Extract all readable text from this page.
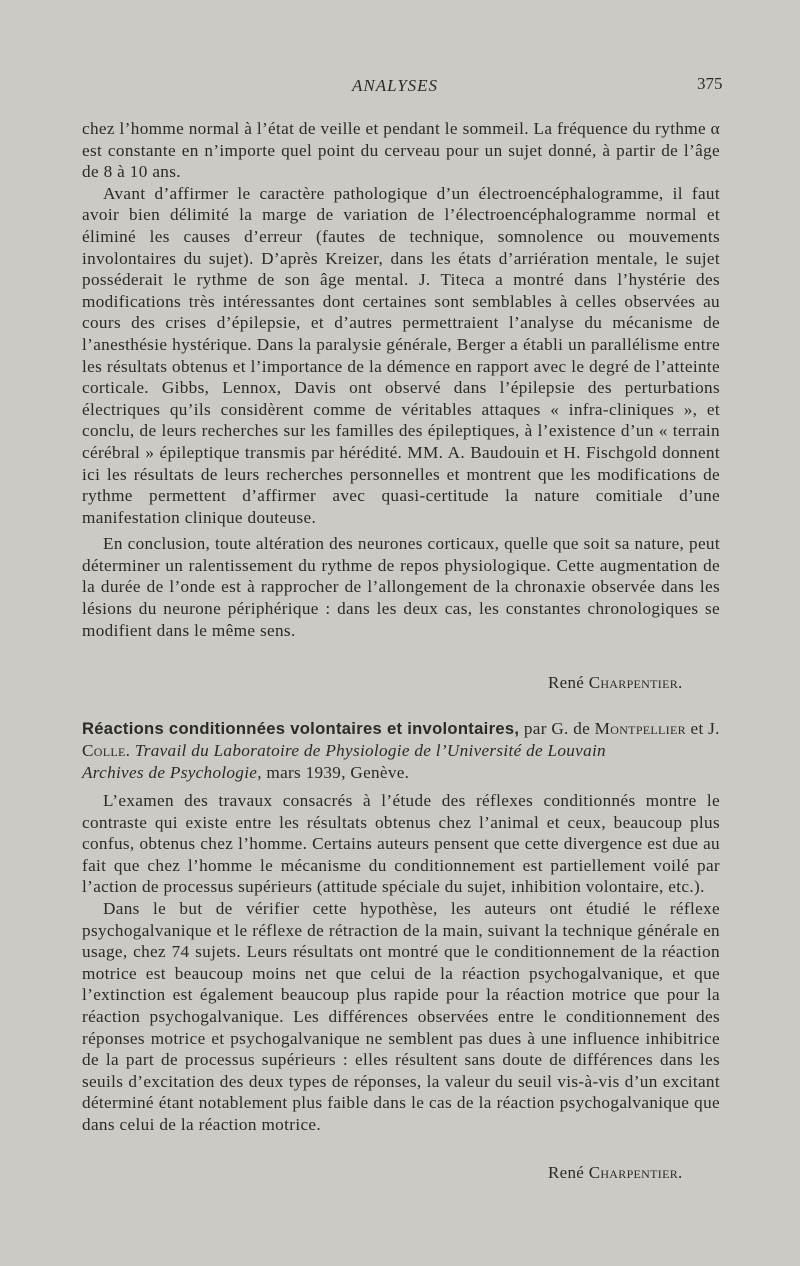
ANALYSES	375

chez l’homme normal à l’état de veille et pendant le sommeil. La fréquence du rythme α est constante en n’importe quel point du cerveau pour un sujet donné, à partir de l’âge de 8 à 10 ans.

Avant d’affirmer le caractère pathologique d’un électroencéphalogramme, il faut avoir bien délimité la marge de variation de l’électroencéphalogramme normal et éliminé les causes d’erreur (fautes de technique, somnolence ou mouvements involontaires du sujet). D’après Kreizer, dans les états d’arriération mentale, le sujet posséderait le rythme de son âge mental. J. Titeca a montré dans l’hystérie des modifications très intéressantes dont certaines sont semblables à celles observées au cours des crises d’épilepsie, et d’autres permettraient l’analyse du mécanisme de l’anesthésie hystérique. Dans la paralysie générale, Berger a établi un parallélisme entre les résultats obtenus et l’importance de la démence en rapport avec le degré de l’atteinte corticale. Gibbs, Lennox, Davis ont observé dans l’épilepsie des perturbations électriques qu’ils considèrent comme de véritables attaques « infra-cliniques », et conclu, de leurs recherches sur les familles des épileptiques, à l’existence d’un « terrain cérébral » épileptique transmis par hérédité. MM. A. Baudouin et H. Fischgold donnent ici les résultats de leurs recherches personnelles et montrent que les modifications de rythme permettent d’affirmer avec quasi-certitude la nature comitiale d’une manifestation clinique douteuse.

En conclusion, toute altération des neurones corticaux, quelle que soit sa nature, peut déterminer un ralentissement du rythme de repos physiologique. Cette augmentation de la durée de l’onde est à rapprocher de l’allongement de la chronaxie observée dans les lésions du neurone périphérique : dans les deux cas, les constantes chronologiques se modifient dans le même sens.

René Charpentier.
Réactions conditionnées volontaires et involontaires, par G. de Montpellier et J. Colle. Travail du Laboratoire de Physiologie de l’Université de Louvain
Archives de Psychologie, mars 1939, Genève.

L’examen des travaux consacrés à l’étude des réflexes conditionnés montre le contraste qui existe entre les résultats obtenus chez l’animal et ceux, beaucoup plus confus, obtenus chez l’homme. Certains auteurs pensent que cette divergence est due au fait que chez l’homme le mécanisme du conditionnement est partiellement voilé par l’action de processus supérieurs (attitude spéciale du sujet, inhibition volontaire, etc.).

Dans le but de vérifier cette hypothèse, les auteurs ont étudié le réflexe psychogalvanique et le réflexe de rétraction de la main, suivant la technique générale en usage, chez 74 sujets. Leurs résultats ont montré que le conditionnement de la réaction motrice est beaucoup moins net que celui de la réaction psychogalvanique, et que l’extinction est également beaucoup plus rapide pour la réaction motrice que pour la réaction psychogalvanique. Les différences observées entre le conditionnement des réponses motrice et psychogalvanique ne semblent pas dues à une influence inhibitrice de la part de processus supérieurs : elles résultent sans doute de différences dans les seuils d’excitation des deux types de réponses, la valeur du seuil vis-à-vis d’un excitant déterminé étant notablement plus faible dans le cas de la réaction psychogalvanique que dans celui de la réaction motrice.

René Charpentier.
